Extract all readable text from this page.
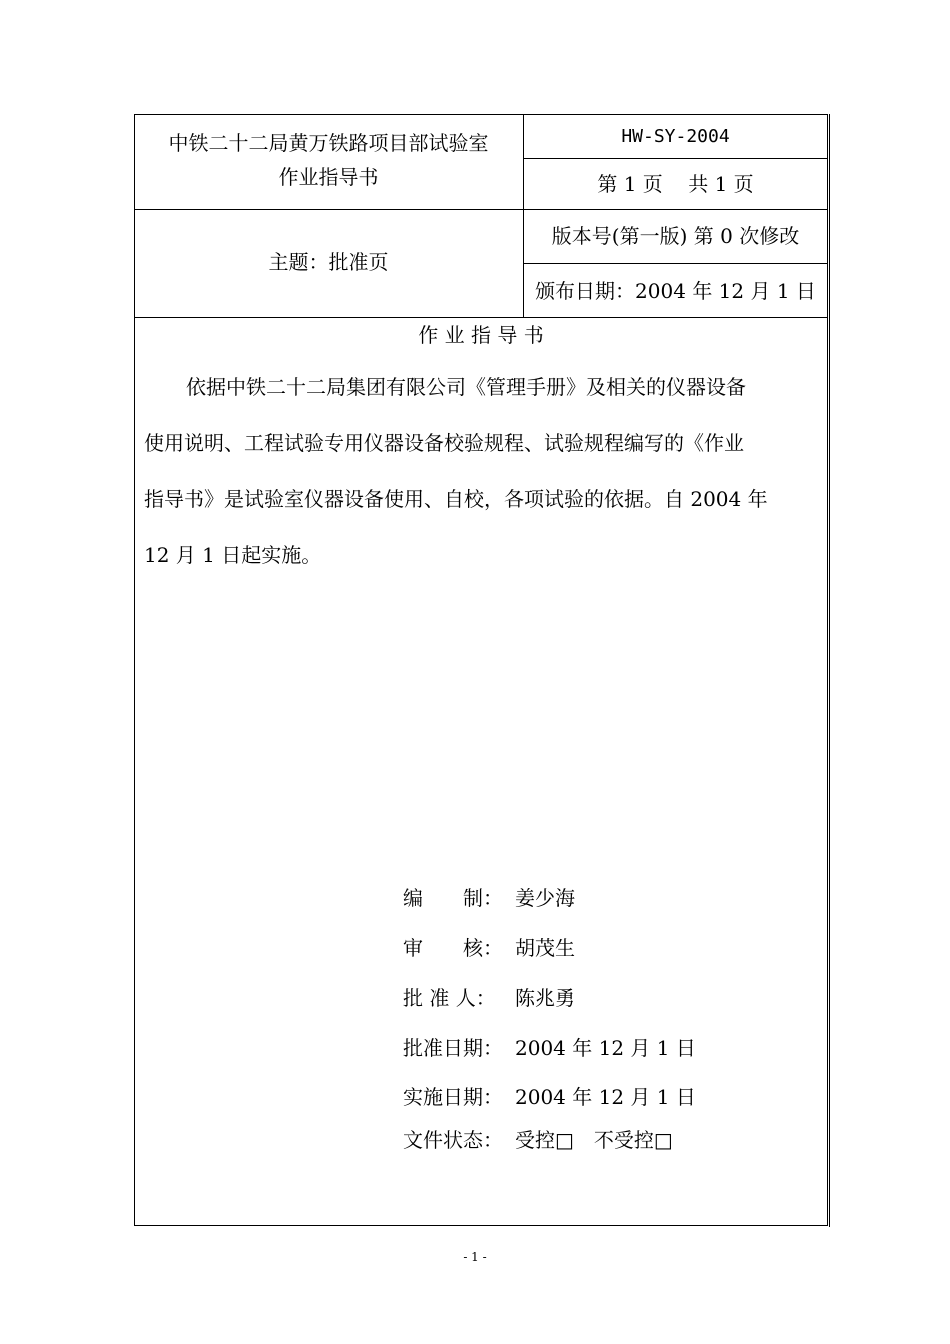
中铁二十二局黄万铁路项目部试验室
作业指导书
HW-SY-2004
第 1 页    共 1 页
主题：批准页
版本号(第一版) 第 0 次修改
颁布日期：2004 年 12 月 1 日
作 业 指 导 书
依据中铁二十二局集团有限公司《管理手册》及相关的仪器设备
使用说明、工程试验专用仪器设备校验规程、试验规程编写的《作业
指导书》是试验室仪器设备使用、自校，各项试验的依据。自 2004 年
12 月 1 日起实施。
编　　制： 姜少海
审　　核： 胡茂生
批 准 人： 陈兆勇
批准日期： 2004 年 12 月 1 日
实施日期： 2004 年 12 月 1 日
文件状态： 受控□　不受控□
- 1 -
